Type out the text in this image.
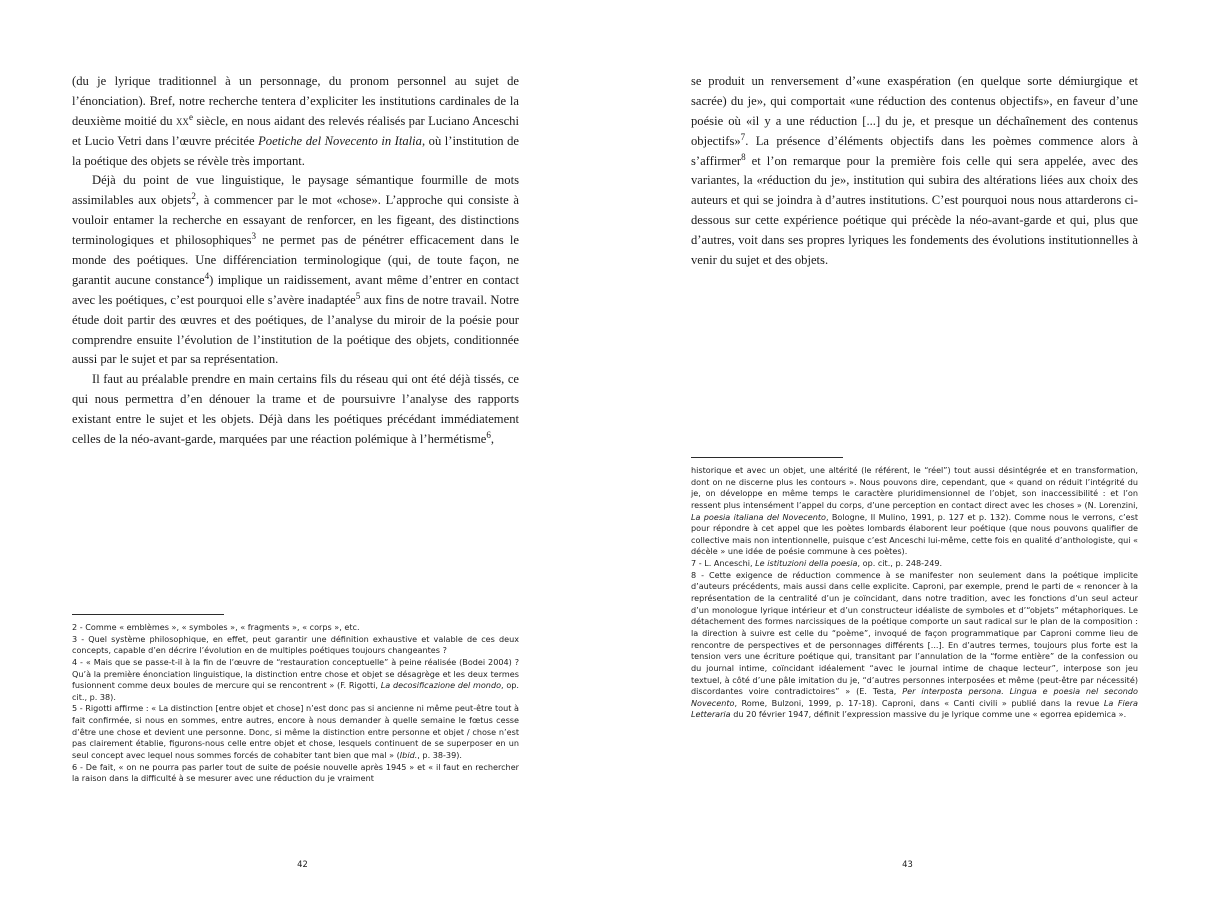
(du je lyrique traditionnel à un personnage, du pronom personnel au sujet de l’énonciation). Bref, notre recherche tentera d’expliciter les institutions cardinales de la deuxième moitié du $xx^e$ siècle, en nous aidant des relevés réalisés par Luciano Anceschi et Lucio Vetri dans l’œuvre précitée Poetiche del Novecento in Italia, où l’institution de la poétique des objets se révèle très important.

Déjà du point de vue linguistique, le paysage sémantique fourmille de mots assimilables aux objets$^2$, à commencer par le mot «chose». L’approche qui consiste à vouloir entamer la recherche en essayant de renforcer, en les figeant, des distinctions terminologiques et philosophiques$^3$ ne permet pas de pénétrer efficacement dans le monde des poétiques. Une différenciation terminologique (qui, de toute façon, ne garantit aucune constance$^4$) implique un raidissement, avant même d’entrer en contact avec les poétiques, c’est pourquoi elle s’avère inadaptée$^5$ aux fins de notre travail. Notre étude doit partir des œuvres et des poétiques, de l’analyse du miroir de la poésie pour comprendre ensuite l’évolution de l’institution de la poétique des objets, conditionnée aussi par le sujet et par sa représentation.

Il faut au préalable prendre en main certains fils du réseau qui ont été déjà tissés, ce qui nous permettra d’en dénouer la trame et de poursuivre l’analyse des rapports existant entre le sujet et les objets. Déjà dans les poétiques précédant immédiatement celles de la néo-avant-garde, marquées par une réaction polémique à l’hermétisme$^6$,

2 - Comme « emblèmes », « symboles », « fragments », « corps », etc.

3 - Quel système philosophique, en effet, peut garantir une définition exhaustive et valable de ces deux concepts, capable d’en décrire l’évolution en de multiples poétiques toujours changeantes ?

4 - « Mais que se passe-t-il à la fin de l’œuvre de “restauration conceptuelle” à peine réalisée (Bodei 2004) ? Qu’à la première énonciation linguistique, la distinction entre chose et objet se désagrège et les deux termes fusionnent comme deux boules de mercure qui se rencontrent » (F. Rigotti, La decosificazione del mondo, op. cit., p. 38).

5 - Rigotti affirme : « La distinction [entre objet et chose] n’est donc pas si ancienne ni même peut-être tout à fait confirmée, si nous en sommes, entre autres, encore à nous demander à quelle semaine le fœtus cesse d’être une chose et devient une personne. Donc, si même la distinction entre personne et objet / chose n’est pas clairement établie, figurons-nous celle entre objet et chose, lesquels continuent de se superposer en un seul concept avec lequel nous sommes forcés de cohabiter tant bien que mal » (Ibid., p. 38-39).

6 - De fait, « on ne pourra pas parler tout de suite de poésie nouvelle après 1945 » et « il faut en rechercher la raison dans la difficulté à se mesurer avec une réduction du je vraiment

42

se produit un renversement d’«une exaspération (en quelque sorte démiurgique et sacrée) du je», qui comportait «une réduction des contenus objectifs», en faveur d’une poésie où «il y a une réduction [...] du je, et presque un déchaînement des contenus objectifs»$^7$. La présence d’éléments objectifs dans les poèmes commence alors à s’affirmer$^8$ et l’on remarque pour la première fois celle qui sera appelée, avec des variantes, la «réduction du je», institution qui subira des altérations liées aux choix des auteurs et qui se joindra à d’autres institutions. C’est pourquoi nous nous attarderons ci-dessous sur cette expérience poétique qui précède la néo-avant-garde et qui, plus que d’autres, voit dans ses propres lyriques les fondements des évolutions institutionnelles à venir du sujet et des objets.

historique et avec un objet, une altérité (le référent, le “réel”) tout aussi désintégrée et en transformation, dont on ne discerne plus les contours ». Nous pouvons dire, cependant, que « quand on réduit l’intégrité du je, on développe en même temps le caractère pluridimensionnel de l’objet, son inaccessibilité : et l’on ressent plus intensément l’appel du corps, d’une perception en contact direct avec les choses » (N. Lorenzini, La poesia italiana del Novecento, Bologne, Il Mulino, 1991, p. 127 et p. 132). Comme nous le verrons, c’est pour répondre à cet appel que les poètes lombards élaborent leur poétique (que nous pouvons qualifier de collective mais non intentionnelle, puisque c’est Anceschi lui-même, cette fois en qualité d’anthologiste, qui « décèle » une idée de poésie commune à ces poètes).

7 - L. Anceschi, Le istituzioni della poesia, op. cit., p. 248-249.

8 - Cette exigence de réduction commence à se manifester non seulement dans la poétique implicite d’auteurs précédents, mais aussi dans celle explicite. Caproni, par exemple, prend le parti de « renoncer à la représentation de la centralité d’un je coïncidant, dans notre tradition, avec les fonctions d’un seul acteur d’un monologue lyrique intérieur et d’un constructeur idéaliste de symboles et d’“objets” métaphoriques. Le détachement des formes narcissiques de la poétique comporte un saut radical sur le plan de la composition : la direction à suivre est celle du “poème”, invoqué de façon programmatique par Caproni comme lieu de rencontre de perspectives et de personnages différents [...]. En d’autres termes, toujours plus forte est la tension vers une écriture poétique qui, transitant par l’annulation de la “forme entière” de la confession ou du journal intime, coïncidant idéalement “avec le journal intime de chaque lecteur”, interpose son jeu textuel, à côté d’une pâle imitation du je, “d’autres personnes interposées et même (peut-être par nécessité) discordantes voire contradictoires” » (E. Testa, Per interposta persona. Lingua e poesia nel secondo Novecento, Rome, Bulzoni, 1999, p. 17-18). Caproni, dans « Canti civili » publié dans la revue La Fiera Letteraria du 20 février 1947, définit l’expression massive du je lyrique comme une « egorrea epidemica ».

43
